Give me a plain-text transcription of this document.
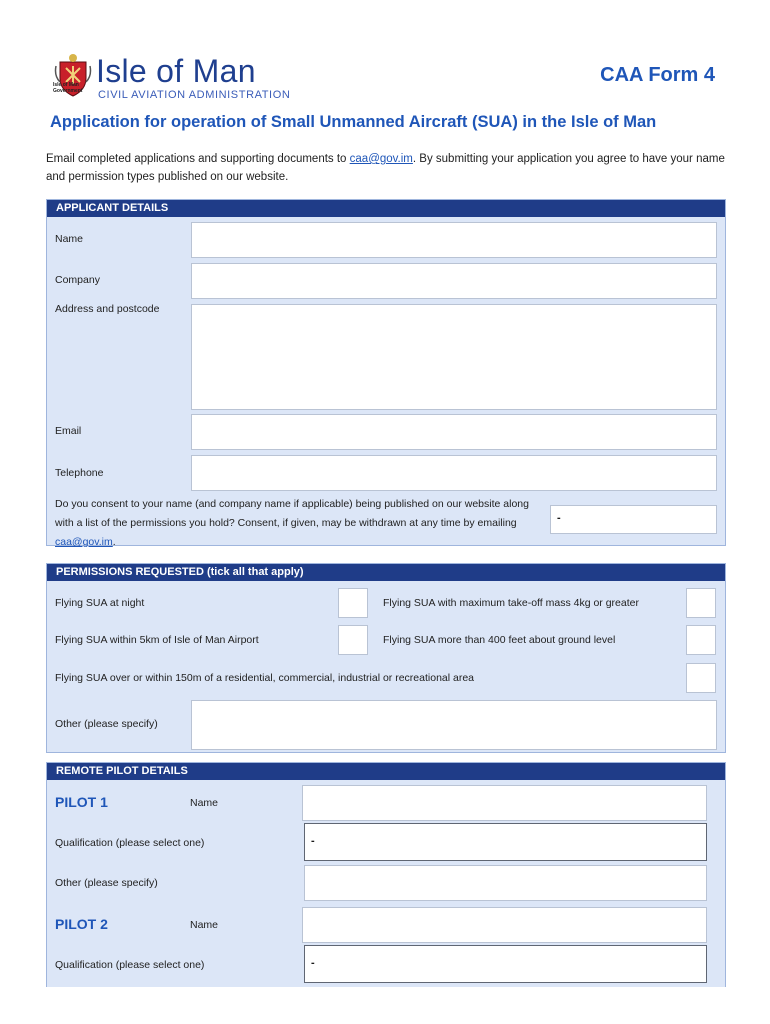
Isle of Man
Government
Isle of Man
CIVIL AVIATION ADMINISTRATION
CAA Form 4
Application for operation of Small Unmanned Aircraft (SUA) in the Isle of Man
Email completed applications and supporting documents to caa@gov.im. By submitting your application you agree to have your name and permission types published on our website.
APPLICANT DETAILS
Name
Company
Address and postcode
Email
Telephone
Do you consent to your name (and company name if applicable) being published on our website along with a list of the permissions you hold? Consent, if given, may be withdrawn at any time by emailing caa@gov.im.
-
PERMISSIONS REQUESTED (tick all that apply)
Flying SUA at night	Flying SUA with maximum take-off mass 4kg or greater
Flying SUA within 5km of Isle of Man Airport	Flying SUA more than 400 feet about ground level
Flying SUA over or within 150m of a residential, commercial, industrial or recreational area
Other (please specify)
REMOTE PILOT DETAILS
PILOT 1	Name
Qualification (please select one)	-
Other (please specify)
PILOT 2	Name
Qualification (please select one)	-
